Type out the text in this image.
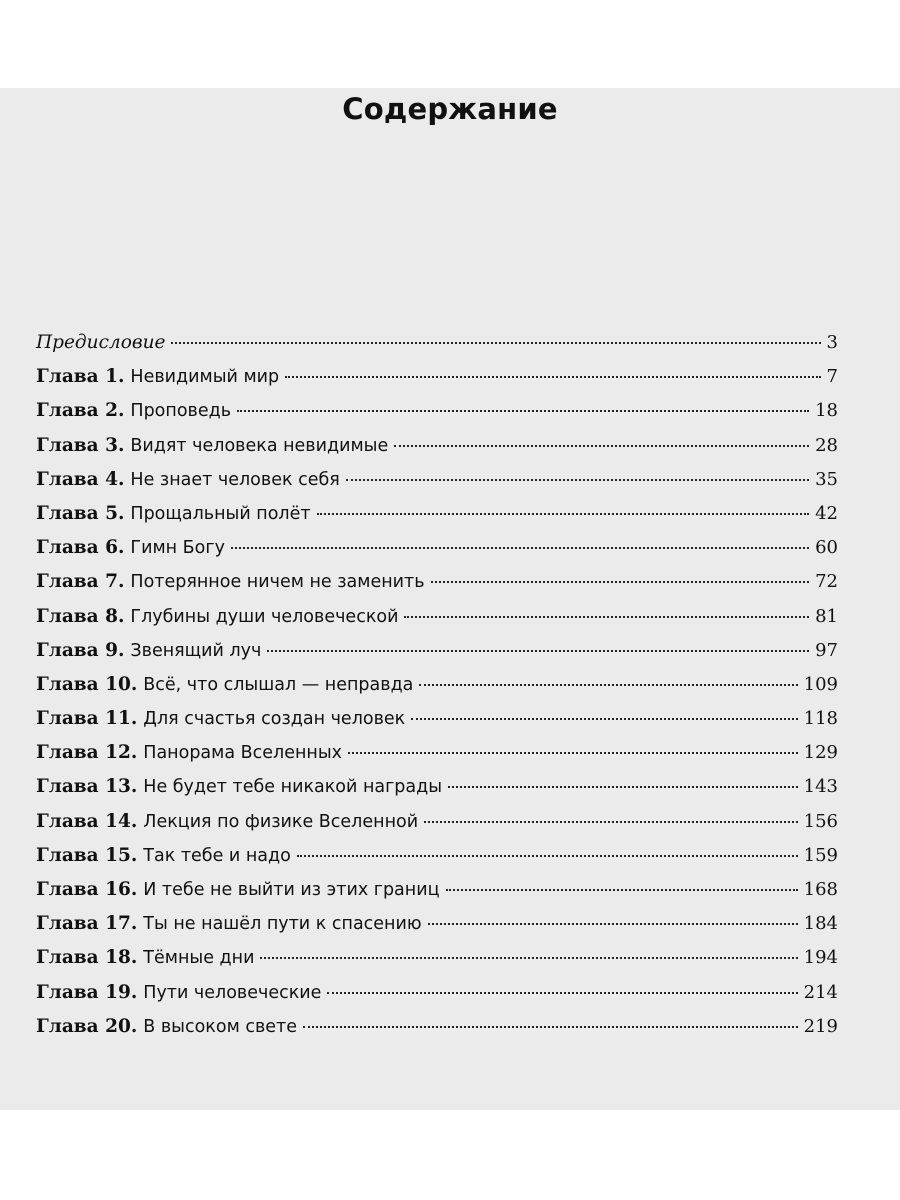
Содержание
Предисловие	3
Глава 1. Невидимый мир	7
Глава 2. Проповедь	18
Глава 3. Видят человека невидимые	28
Глава 4. Не знает человек себя	35
Глава 5. Прощальный полёт	42
Глава 6. Гимн Богу	60
Глава 7. Потерянное ничем не заменить	72
Глава 8. Глубины души человеческой	81
Глава 9. Звенящий луч	97
Глава 10. Всё, что слышал — неправда	109
Глава 11. Для счастья создан человек	118
Глава 12. Панорама Вселенных	129
Глава 13. Не будет тебе никакой награды	143
Глава 14. Лекция по физике Вселенной	156
Глава 15. Так тебе и надо	159
Глава 16. И тебе не выйти из этих границ	168
Глава 17. Ты не нашёл пути к спасению	184
Глава 18. Тёмные дни	194
Глава 19. Пути человеческие	214
Глава 20. В высоком свете	219
